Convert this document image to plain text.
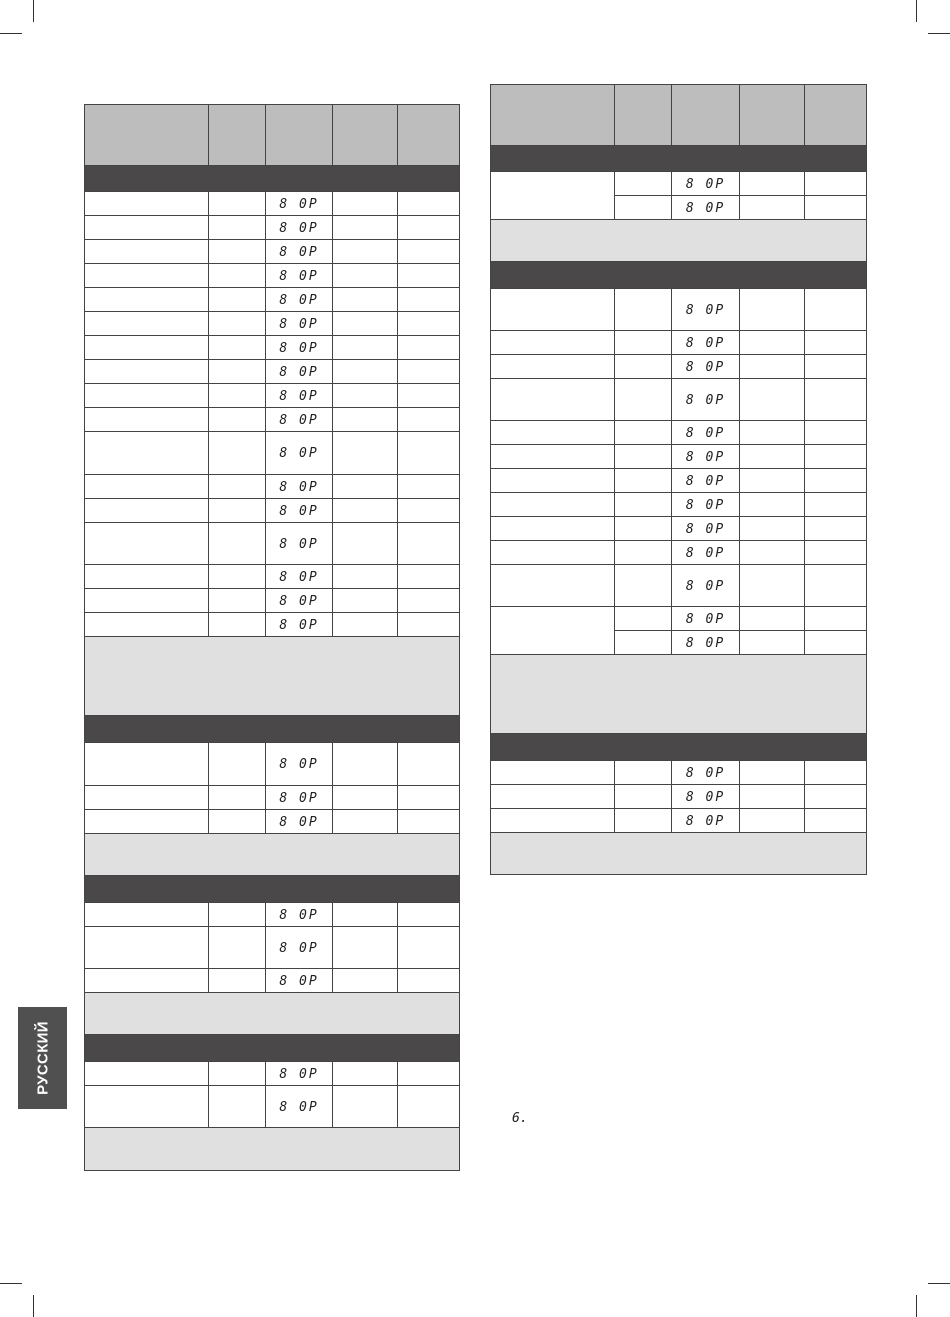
		8 0P		
		8 0P		
		8 0P		
		8 0P		
		8 0P		
		8 0P		
		8 0P		
		8 0P		
		8 0P		
		8 0P		
		8 0P		
		8 0P		
		8 0P		
		8 0P		
		8 0P		
		8 0P		
		8 0P		

		8 0P		
		8 0P		
		8 0P		

		8 0P		
		8 0P		
		8 0P		

		8 0P		
		8 0P		

		8 0P		
		8 0P		

		8 0P		
		8 0P		
		8 0P		
		8 0P		
		8 0P		
		8 0P		
		8 0P		
		8 0P		
		8 0P		
		8 0P		
		8 0P		
		8 0P		
		8 0P		

		8 0P		
		8 0P		
		8 0P		

РУССКИЙ
6.
